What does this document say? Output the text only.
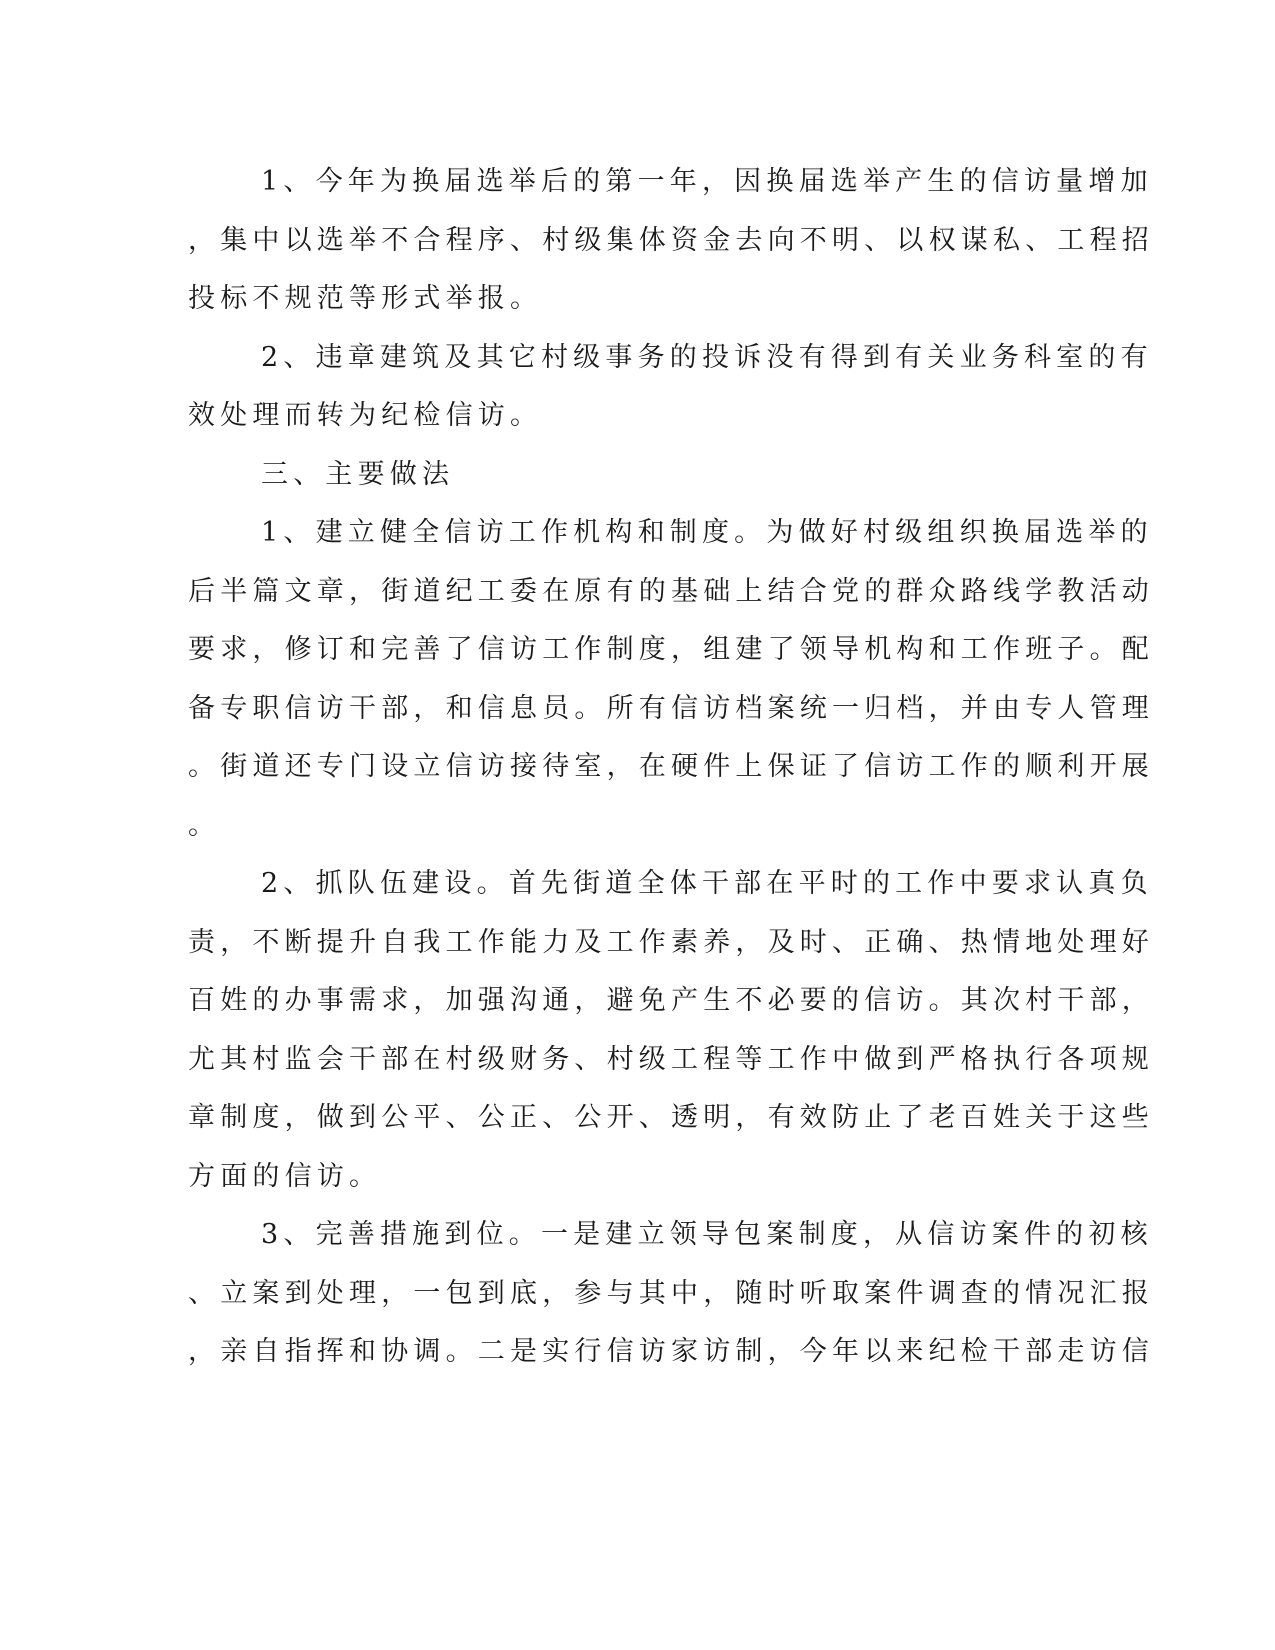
1、今年为换届选举后的第一年，因换届选举产生的信访量增加

，集中以选举不合程序、村级集体资金去向不明、以权谋私、工程招

投标不规范等形式举报。

2、违章建筑及其它村级事务的投诉没有得到有关业务科室的有

效处理而转为纪检信访。

三、主要做法

1、建立健全信访工作机构和制度。为做好村级组织换届选举的

后半篇文章，街道纪工委在原有的基础上结合党的群众路线学教活动

要求，修订和完善了信访工作制度，组建了领导机构和工作班子。配

备专职信访干部，和信息员。所有信访档案统一归档，并由专人管理

。街道还专门设立信访接待室，在硬件上保证了信访工作的顺利开展

。

2、抓队伍建设。首先街道全体干部在平时的工作中要求认真负

责，不断提升自我工作能力及工作素养，及时、正确、热情地处理好

百姓的办事需求，加强沟通，避免产生不必要的信访。其次村干部，

尤其村监会干部在村级财务、村级工程等工作中做到严格执行各项规

章制度，做到公平、公正、公开、透明，有效防止了老百姓关于这些

方面的信访。

3、完善措施到位。一是建立领导包案制度，从信访案件的初核

、立案到处理，一包到底，参与其中，随时听取案件调查的情况汇报

，亲自指挥和协调。二是实行信访家访制，今年以来纪检干部走访信
